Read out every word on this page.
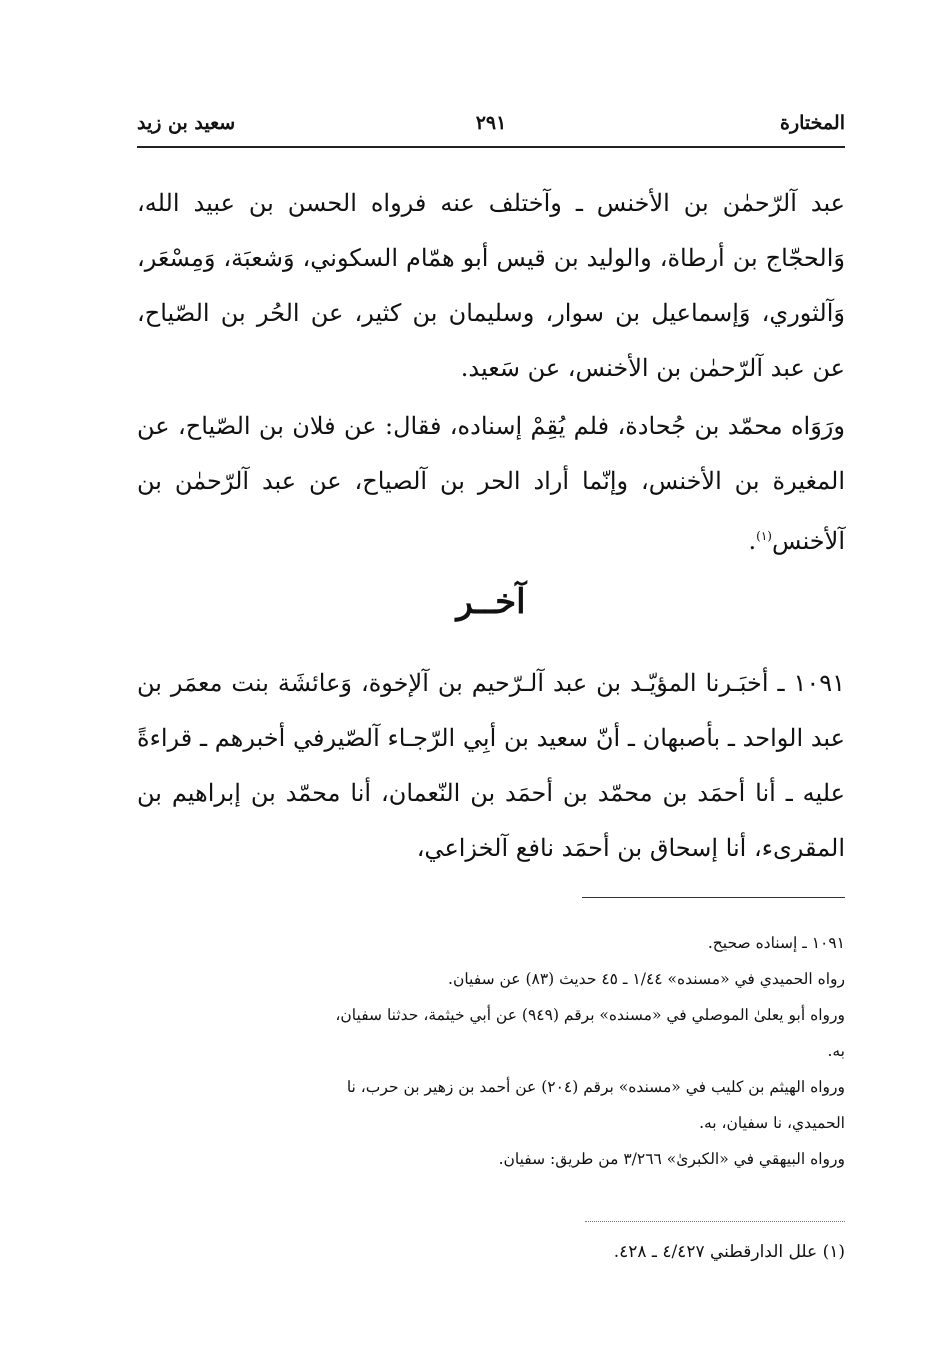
المختارة
٢٩١
سعيد بن زيد

عبد آلرّحمٰن بن الأخنس ـ وآختلف عنه فرواه الحسن بن عبيد الله، وَالحجّاج بن أرطاة، والوليد بن قيس أبو همّام السكوني، وَشعبَة، وَمِسْعَر، وَآلثوري، وَإسماعيل بن سوار، وسليمان بن كثير، عن الحُر بن الصّياح، عن عبد آلرّحمٰن بن الأخنس، عن سَعيد.

ورَوَاه محمّد بن جُحادة، فلم يُقِمْ إسناده، فقال: عن فلان بن الصّياح، عن المغيرة بن الأخنس، وإنّما أراد الحر بن آلصياح، عن عبد آلرّحمٰن بن آلأخنس$^{(١)}$.

آخــر

١٠٩١ ـ أخبَـرنا المؤيّـد بن عبد آلـرّحيم بن آلإخوة، وَعائشَة بنت معمَر بن عبد الواحد ـ بأصبهان ـ أنّ سعيد بن أبِي الرّجـاء آلصّيرفي أخبرهم ـ قراءةً عليه ـ أنا أحمَد بن محمّد بن أحمَد بن النّعمان، أنا محمّد بن إبراهيم بن المقرىء، أنا إسحاق بن أحمَد نافع آلخزاعي،

١٠٩١ ـ إسناده صحيح.
رواه الحميدي في «مسنده» ١/٤٤ ـ ٤٥ حديث (٨٣) عن سفيان.
ورواه أبو يعلىٰ الموصلي في «مسنده» برقم (٩٤٩) عن أبي خيثمة، حدثنا سفيان،
به.
ورواه الهيثم بن كليب في «مسنده» برقم (٢٠٤) عن أحمد بن زهير بن حرب، نا
الحميدي، نا سفيان، به.
ورواه البيهقي في «الكبرىٰ» ٣/٢٦٦ من طريق: سفيان.
(١) علل الدارقطني ٤/٤٢٧ ـ ٤٢٨.
